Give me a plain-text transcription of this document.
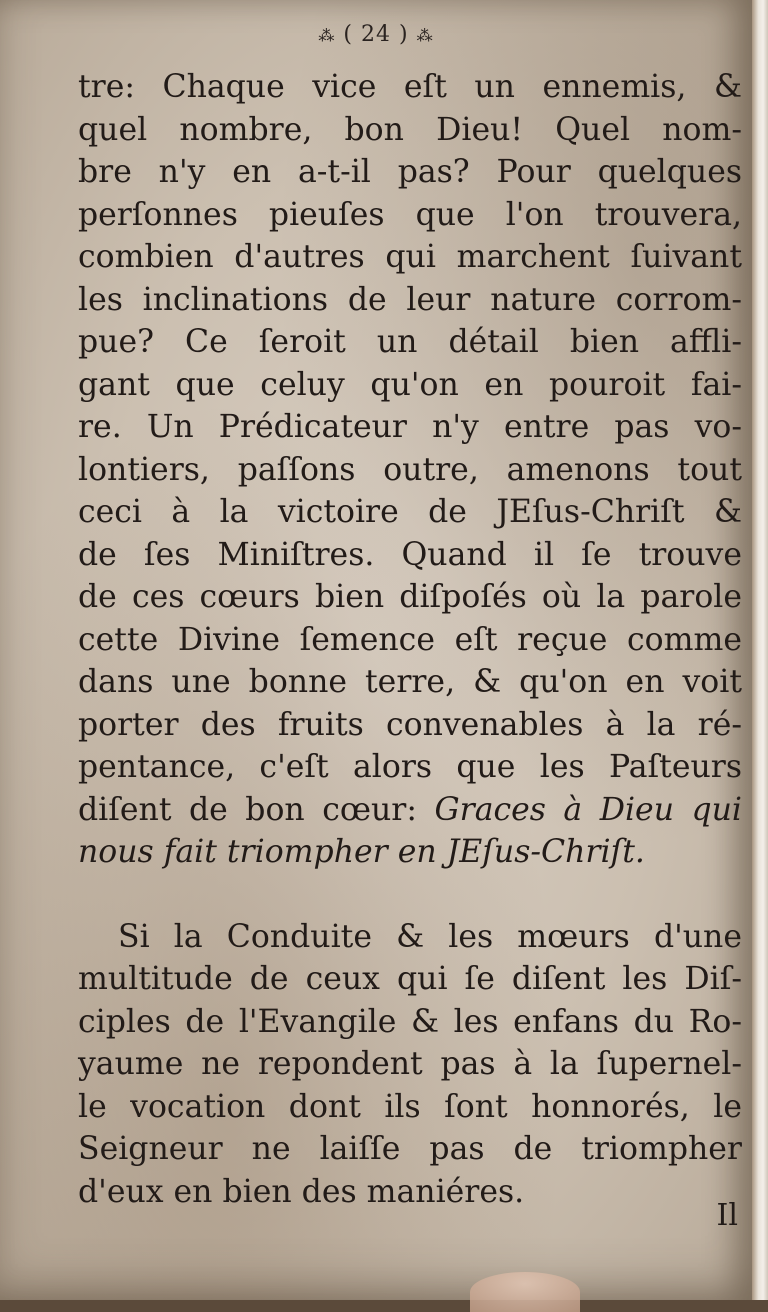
⁂ ( 24 ) ⁂
tre: Chaque vice eſt un ennemis, &
quel nombre, bon Dieu! Quel nom-
bre n'y en a-t-il pas? Pour quelques
perſonnes pieuſes que l'on trouvera,
combien d'autres qui marchent ſuivant
les inclinations de leur nature corrom-
pue? Ce ſeroit un détail bien affli-
gant que celuy qu'on en pouroit fai-
re. Un Prédicateur n'y entre pas vo-
lontiers, paſſons outre, amenons tout
ceci à la victoire de JEſus-Chriſt &
de ſes Miniſtres. Quand il ſe trouve
de ces cœurs bien diſpoſés où la parole
cette Divine ſemence eſt reçue comme
dans une bonne terre, & qu'on en voit
porter des fruits convenables à la ré-
pentance, c'eſt alors que les Paſteurs
diſent de bon cœur: Graces à Dieu qui
nous fait triompher en JEſus-Chriſt.
Si la Conduite & les mœurs d'une
multitude de ceux qui ſe diſent les Diſ-
ciples de l'Evangile & les enfans du Ro-
yaume ne repondent pas à la ſupernel-
le vocation dont ils ſont honnorés, le
Seigneur ne laiſſe pas de triompher
d'eux en bien des maniéres.
Il
